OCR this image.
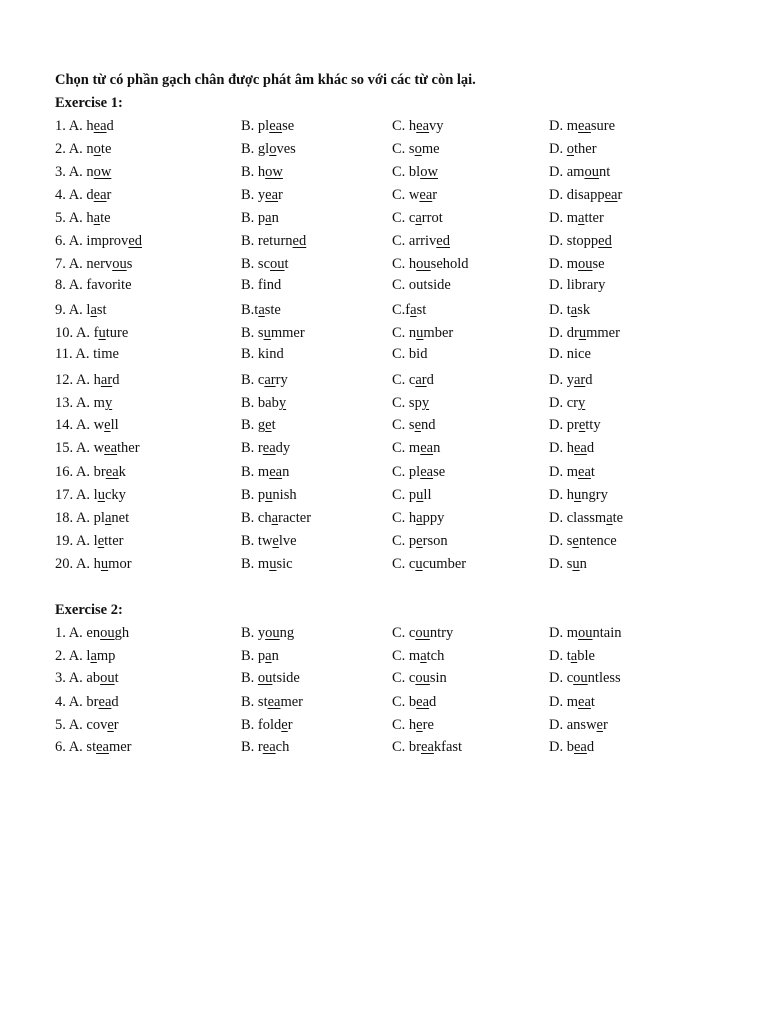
Chọn từ có phần gạch chân được phát âm khác so với các từ còn lại.
Exercise 1:
Exercise 2:
1. A. head	B. please	C. heavy	D. measure
2. A. note	B. gloves	C. some	D. other
3. A. now	B. how	C. blow	D. amount
4. A. dear	B. year	C. wear	D. disappear
5. A. hate	B. pan	C. carrot	D. matter
6. A. improved	B. returned	C. arrived	D. stopped
7. A. nervous	B. scout	C. household	D. mouse
8. A. favorite	B. find	C. outside	D. library
9. A. last	B.taste	C.fast	D. task
10. A. future	B. summer	C. number	D. drummer
11. A. time	B. kind	C. bid	D. nice
12. A. hard	B. carry	C. card	D. yard
13. A. my	B. baby	C. spy	D. cry
14. A. well	B. get	C. send	D. pretty
15. A. weather	B. ready	C. mean	D. head
16. A. break	B. mean	C. please	D. meat
17. A. lucky	B. punish	C. pull	D. hungry
18. A. planet	B. character	C. happy	D. classmate
19. A. letter	B. twelve	C. person	D. sentence
20. A. humor	B. music	C. cucumber	D. sun
1. A. enough	B. young	C. country	D. mountain
2. A. lamp	B. pan	C. match	D. table
3. A. about	B. outside	C. cousin	D. countless
4. A. bread	B. steamer	C. bead	D. meat
5. A. cover	B. folder	C. here	D. answer
6. A. steamer	B. reach	C. breakfast	D. bead
